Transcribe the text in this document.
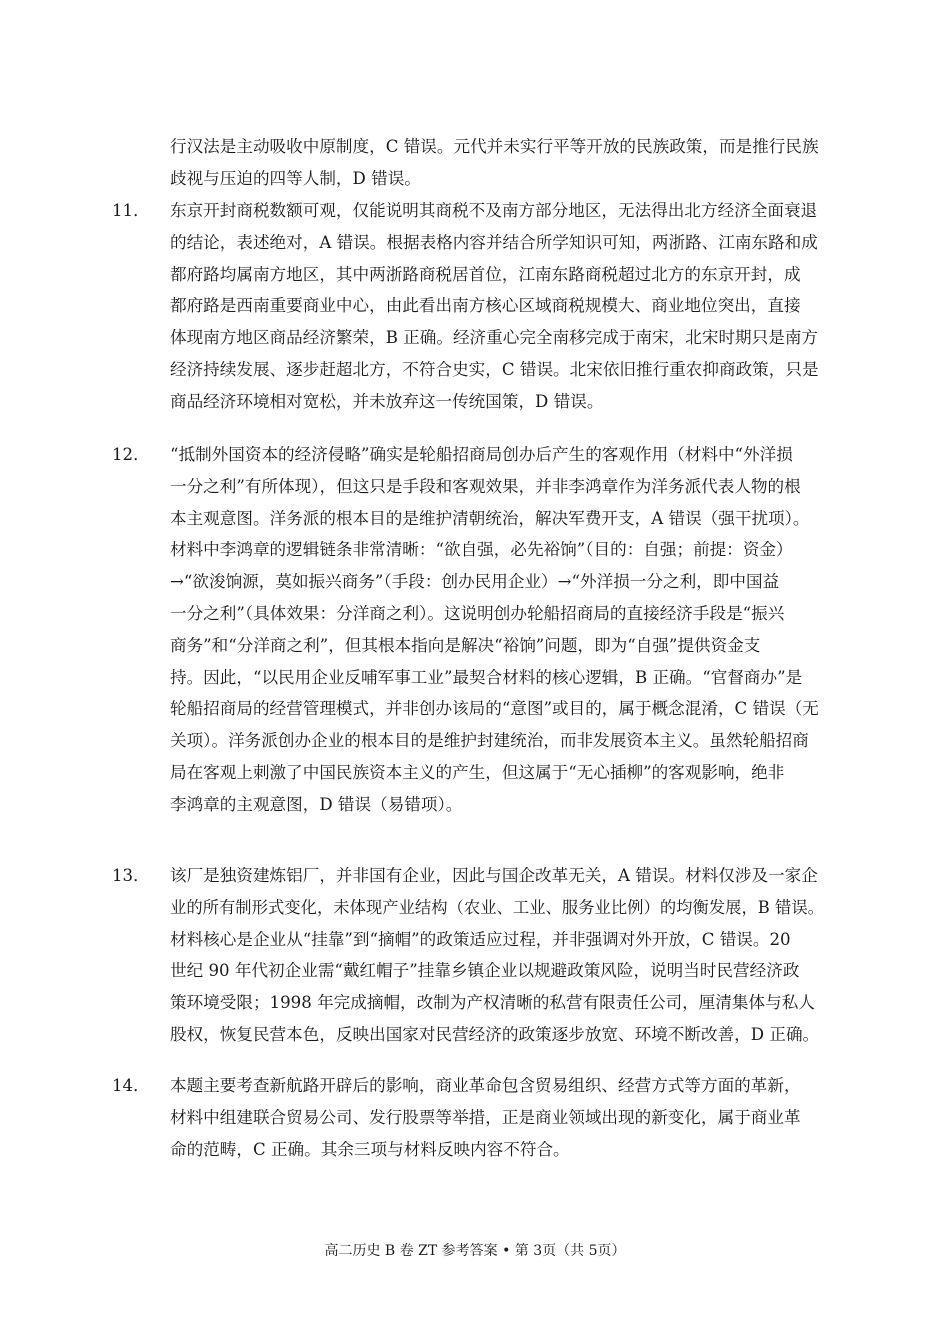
行汉法是主动吸收中原制度，C 错误。元代并未实行平等开放的民族政策，而是推行民族
歧视与压迫的四等人制，D 错误。
11． 东京开封商税数额可观，仅能说明其商税不及南方部分地区，无法得出北方经济全面衰退
的结论，表述绝对，A 错误。根据表格内容并结合所学知识可知，两浙路、江南东路和成
都府路均属南方地区，其中两浙路商税居首位，江南东路商税超过北方的东京开封，成
都府路是西南重要商业中心，由此看出南方核心区域商税规模大、商业地位突出，直接
体现南方地区商品经济繁荣，B 正确。经济重心完全南移完成于南宋，北宋时期只是南方
经济持续发展、逐步赶超北方，不符合史实，C 错误。北宋依旧推行重农抑商政策，只是
商品经济环境相对宽松，并未放弃这一传统国策，D 错误。
12． “抵制外国资本的经济侵略”确实是轮船招商局创办后产生的客观作用（材料中“外洋损
一分之利”有所体现），但这只是手段和客观效果，并非李鸿章作为洋务派代表人物的根
本主观意图。洋务派的根本目的是维护清朝统治，解决军费开支，A 错误（强干扰项）。
材料中李鸿章的逻辑链条非常清晰：“欲自强，必先裕饷”（目的：自强；前提：资金）
→“欲浚饷源，莫如振兴商务”（手段：创办民用企业）→“外洋损一分之利，即中国益
一分之利”（具体效果：分洋商之利）。这说明创办轮船招商局的直接经济手段是“振兴
商务”和“分洋商之利”，但其根本指向是解决“裕饷”问题，即为“自强”提供资金支
持。因此，“以民用企业反哺军事工业”最契合材料的核心逻辑，B 正确。“官督商办”是
轮船招商局的经营管理模式，并非创办该局的“意图”或目的，属于概念混淆，C 错误（无
关项）。洋务派创办企业的根本目的是维护封建统治，而非发展资本主义。虽然轮船招商
局在客观上刺激了中国民族资本主义的产生，但这属于“无心插柳”的客观影响，绝非
李鸿章的主观意图，D 错误（易错项）。
13． 该厂是独资建炼铝厂，并非国有企业，因此与国企改革无关，A 错误。材料仅涉及一家企
业的所有制形式变化，未体现产业结构（农业、工业、服务业比例）的均衡发展，B 错误。
材料核心是企业从“挂靠”到“摘帽”的政策适应过程，并非强调对外开放，C 错误。20
世纪 90 年代初企业需“戴红帽子”挂靠乡镇企业以规避政策风险，说明当时民营经济政
策环境受限；1998 年完成摘帽，改制为产权清晰的私营有限责任公司，厘清集体与私人
股权，恢复民营本色，反映出国家对民营经济的政策逐步放宽、环境不断改善，D 正确。
14． 本题主要考查新航路开辟后的影响，商业革命包含贸易组织、经营方式等方面的革新，
材料中组建联合贸易公司、发行股票等举措，正是商业领域出现的新变化，属于商业革
命的范畴，C 正确。其余三项与材料反映内容不符合。
高二历史 B 卷 ZT 参考答案 • 第 3页（共 5页）
